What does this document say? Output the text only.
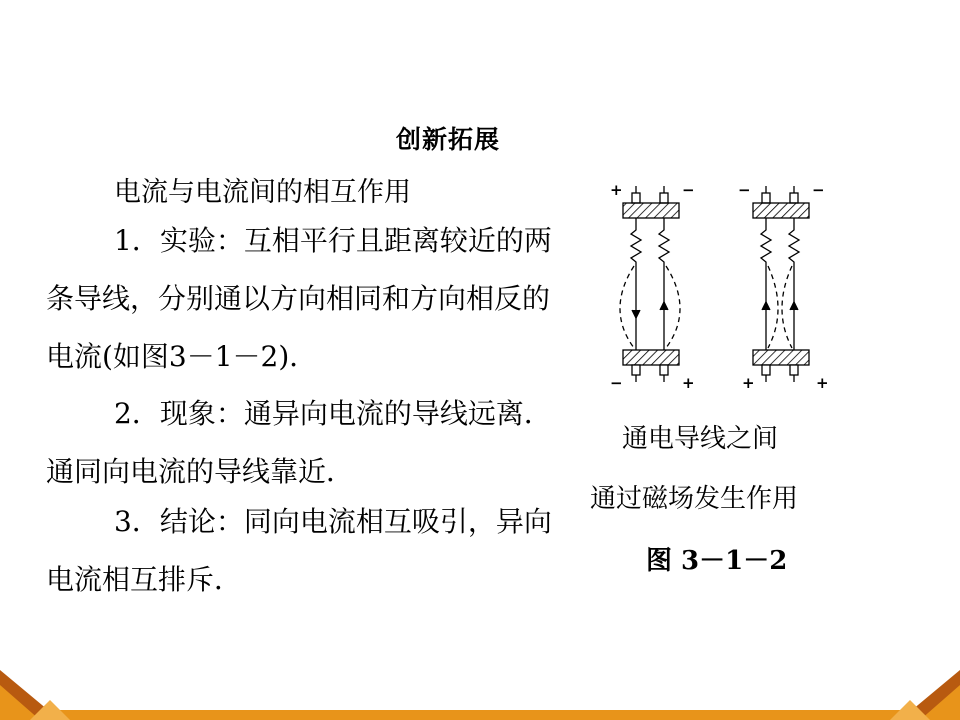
创新拓展
电流与电流间的相互作用
1．实验：互相平行且距离较近的两条导线，分别通以方向相同和方向相反的电流(如图3－1－2)．
2．现象：通异向电流的导线远离．通同向电流的导线靠近．
3．结论：同向电流相互吸引，异向电流相互排斥．
+	−
−	+
−	−
+	+
通电导线之间
通过磁场发生作用
图 3－1－2
